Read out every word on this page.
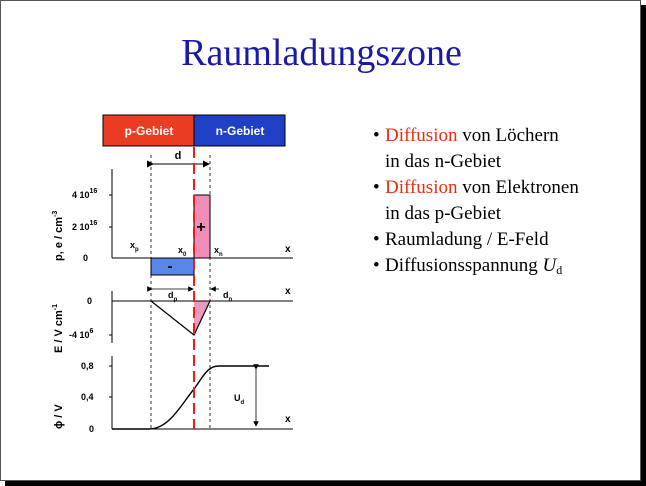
Raumladungszone
p-Gebiet	n-Gebiet
d
+
-
4 $10^{16}$
2 $10^{16}$
0
x
$x_p$	$x_0$	$x_n$
p, e / $cm^{-3}$
0
-4 $10^6$
x
$d_p$	$d_n$
E / V $cm^{-1}$
0,8
0,4
0
$U_d$
x
ϕ / V
• Diffusion von Löchern
in das n-Gebiet
• Diffusion von Elektronen
in das p-Gebiet
• Raumladung / E-Feld
• Diffusionsspannung $U_d$
